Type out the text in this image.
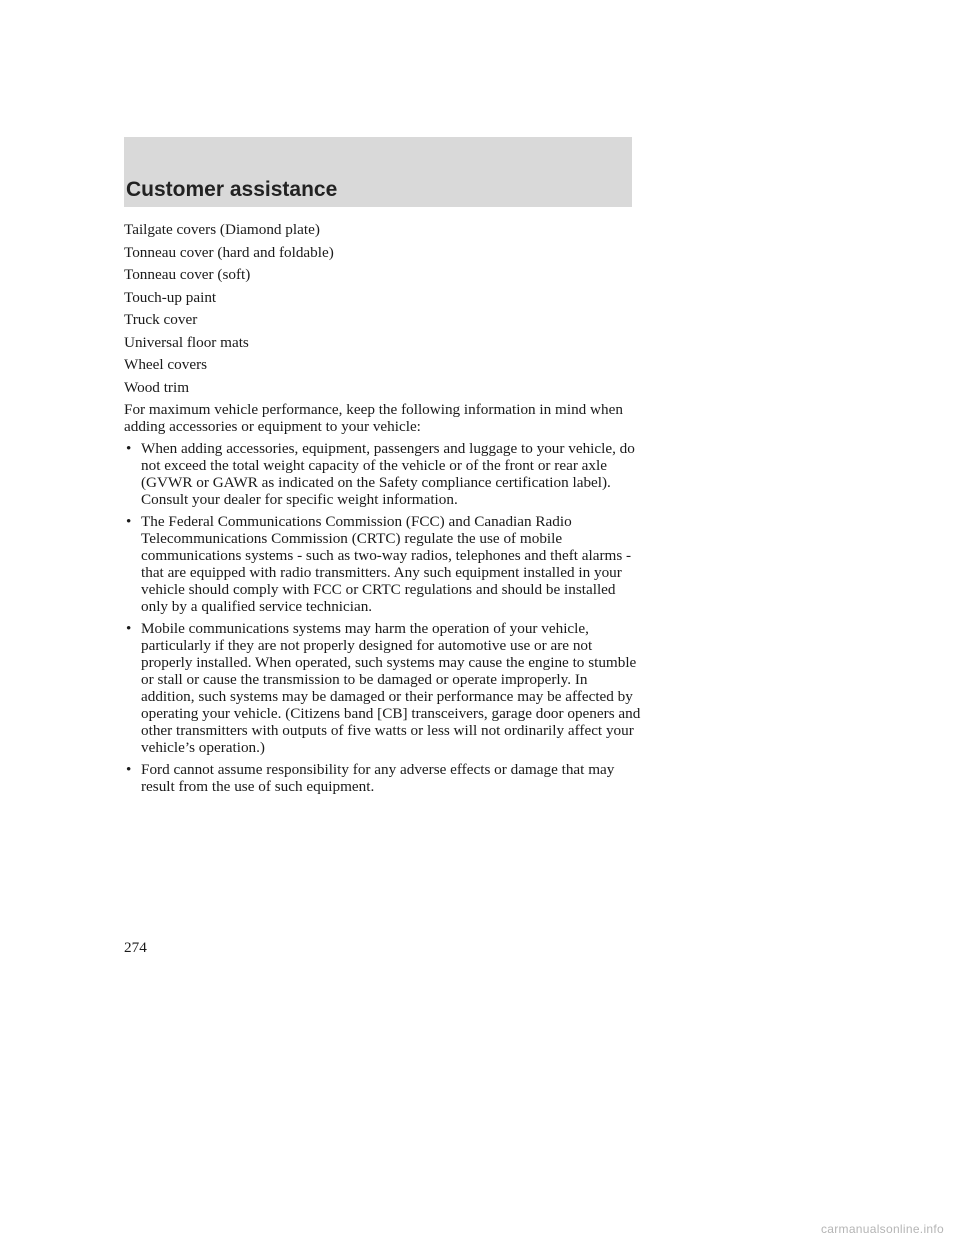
Customer assistance
Tailgate covers (Diamond plate)
Tonneau cover (hard and foldable)
Tonneau cover (soft)
Touch-up paint
Truck cover
Universal floor mats
Wheel covers
Wood trim
For maximum vehicle performance, keep the following information in mind when adding accessories or equipment to your vehicle:
• When adding accessories, equipment, passengers and luggage to your vehicle, do not exceed the total weight capacity of the vehicle or of the front or rear axle (GVWR or GAWR as indicated on the Safety compliance certification label). Consult your dealer for specific weight information.
• The Federal Communications Commission (FCC) and Canadian Radio Telecommunications Commission (CRTC) regulate the use of mobile communications systems - such as two-way radios, telephones and theft alarms - that are equipped with radio transmitters. Any such equipment installed in your vehicle should comply with FCC or CRTC regulations and should be installed only by a qualified service technician.
• Mobile communications systems may harm the operation of your vehicle, particularly if they are not properly designed for automotive use or are not properly installed. When operated, such systems may cause the engine to stumble or stall or cause the transmission to be damaged or operate improperly. In addition, such systems may be damaged or their performance may be affected by operating your vehicle. (Citizens band [CB] transceivers, garage door openers and other transmitters with outputs of five watts or less will not ordinarily affect your vehicle’s operation.)
• Ford cannot assume responsibility for any adverse effects or damage that may result from the use of such equipment.
274
carmanualsonline.info
